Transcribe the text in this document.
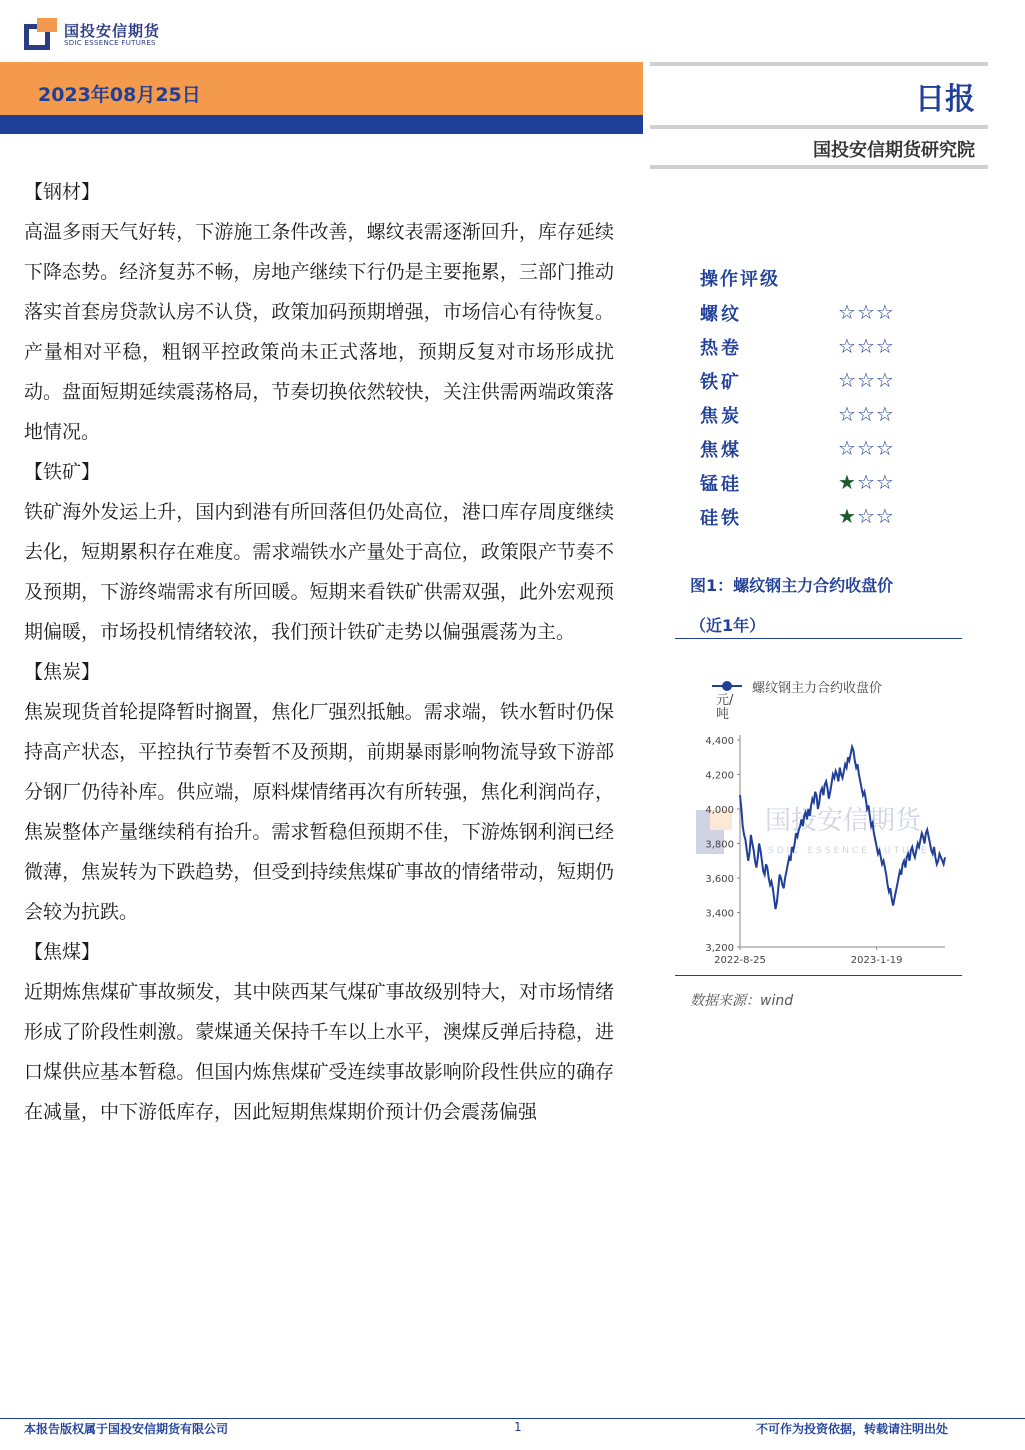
国投安信期货
SDIC ESSENCE FUTURES
2023年08月25日	日报
国投安信期货研究院

【钢材】

高温多雨天气好转，下游施工条件改善，螺纹表需逐渐回升，库存延续下降态势。经济复苏不畅，房地产继续下行仍是主要拖累，三部门推动落实首套房贷款认房不认贷，政策加码预期增强，市场信心有待恢复。产量相对平稳，粗钢平控政策尚未正式落地，预期反复对市场形成扰动。盘面短期延续震荡格局，节奏切换依然较快，关注供需两端政策落地情况。

【铁矿】

铁矿海外发运上升，国内到港有所回落但仍处高位，港口库存周度继续去化，短期累积存在难度。需求端铁水产量处于高位，政策限产节奏不及预期，下游终端需求有所回暖。短期来看铁矿供需双强，此外宏观预期偏暖，市场投机情绪较浓，我们预计铁矿走势以偏强震荡为主。

【焦炭】

焦炭现货首轮提降暂时搁置，焦化厂强烈抵触。需求端，铁水暂时仍保持高产状态，平控执行节奏暂不及预期，前期暴雨影响物流导致下游部分钢厂仍待补库。供应端，原料煤情绪再次有所转强，焦化利润尚存，焦炭整体产量继续稍有抬升。需求暂稳但预期不佳，下游炼钢利润已经微薄，焦炭转为下跌趋势，但受到持续焦煤矿事故的情绪带动，短期仍会较为抗跌。

【焦煤】

近期炼焦煤矿事故频发，其中陕西某气煤矿事故级别特大，对市场情绪形成了阶段性刺激。蒙煤通关保持千车以上水平，澳煤反弹后持稳，进口煤供应基本暂稳。但国内炼焦煤矿受连续事故影响阶段性供应的确存在减量，中下游低库存，因此短期焦煤期价预计仍会震荡偏强

操作评级
螺纹	☆☆☆
热卷	☆☆☆
铁矿	☆☆☆
焦炭	☆☆☆
焦煤	☆☆☆
锰硅	★☆☆
硅铁	★☆☆
图1：螺纹钢主力合约收盘价
（近1年）
螺纹钢主力合约收盘价
元/吨
国投安信期货
SDIC ESSENCE FUTURES
3,200
3,400
3,600
3,800
4,000
4,200
4,400
2022-8-25	2023-1-19
数据来源：wind
本报告版权属于国投安信期货有限公司	1	不可作为投资依据，转载请注明出处
